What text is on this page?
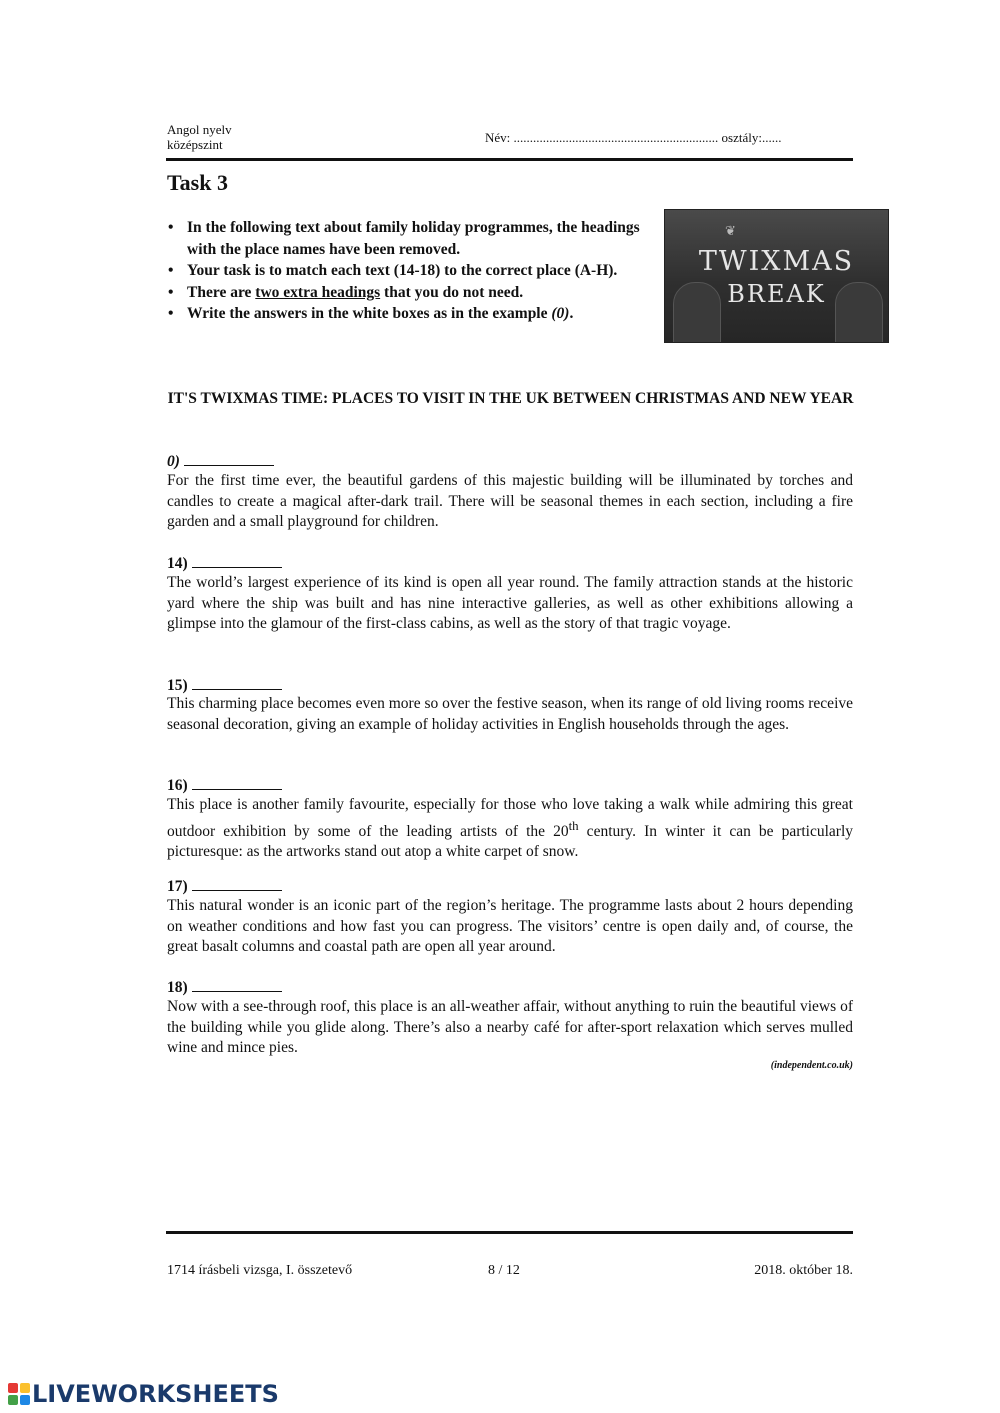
Angol nyelv
középszint	Név: ............................................................... osztály:......
Task 3
• In the following text about family holiday programmes, the headings with the place names have been removed.
• Your task is to match each text (14-18) to the correct place (A-H).
• There are two extra headings that you do not need.
• Write the answers in the white boxes as in the example (0).
❦
TWIXMAS
BREAK
IT'S TWIXMAS TIME: PLACES TO VISIT IN THE UK BETWEEN CHRISTMAS AND NEW YEAR
0)
For the first time ever, the beautiful gardens of this majestic building will be illuminated by torches and candles to create a magical after-dark trail. There will be seasonal themes in each section, including a fire garden and a small playground for children.
14)
The world’s largest experience of its kind is open all year round. The family attraction stands at the historic yard where the ship was built and has nine interactive galleries, as well as other exhibitions allowing a glimpse into the glamour of the first-class cabins, as well as the story of that tragic voyage.
15)
This charming place becomes even more so over the festive season, when its range of old living rooms receive seasonal decoration, giving an example of holiday activities in English households through the ages.
16)
This place is another family favourite, especially for those who love taking a walk while admiring this great outdoor exhibition by some of the leading artists of the 20th century. In winter it can be particularly picturesque: as the artworks stand out atop a white carpet of snow.
17)
This natural wonder is an iconic part of the region’s heritage. The programme lasts about 2 hours depending on weather conditions and how fast you can progress. The visitors’ centre is open daily and, of course, the great basalt columns and coastal path are open all year around.
18)
Now with a see-through roof, this place is an all-weather affair, without anything to ruin the beautiful views of the building while you glide along. There’s also a nearby café for after-sport relaxation which serves mulled wine and mince pies.
(independent.co.uk)
1714 írásbeli vizsga, I. összetevő	8 / 12	2018. október 18.
LIVEWORKSHEETS
